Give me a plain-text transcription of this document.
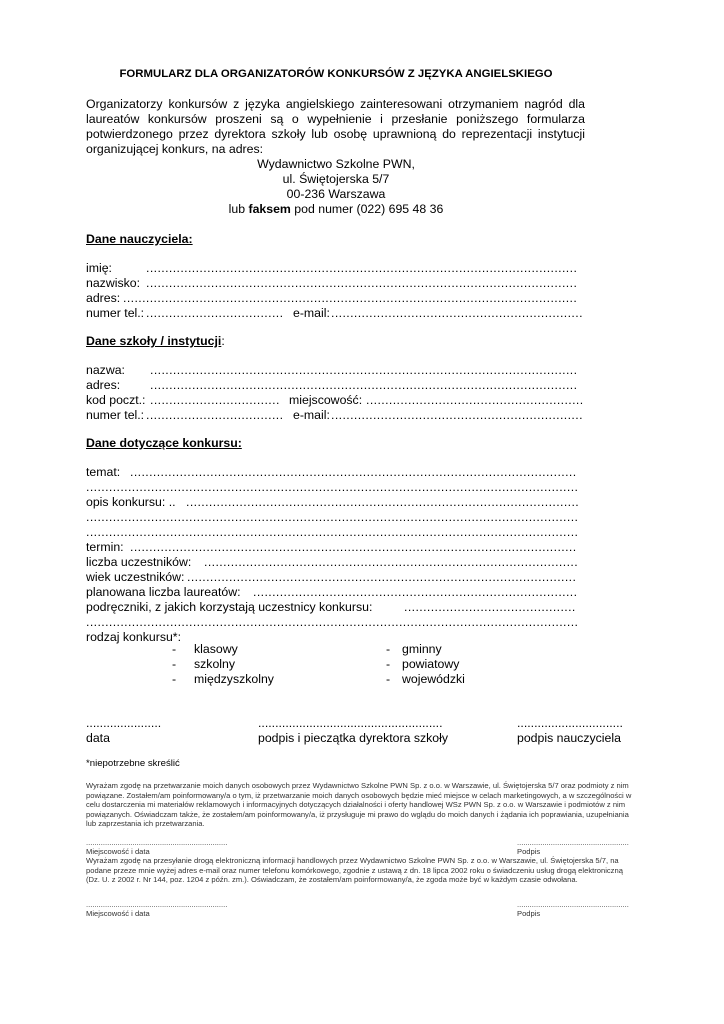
FORMULARZ DLA ORGANIZATORÓW KONKURSÓW Z JĘZYKA ANGIELSKIEGO
Organizatorzy konkursów z języka angielskiego zainteresowani otrzymaniem nagród dla laureatów konkursów proszeni są o wypełnienie i przesłanie poniższego formularza potwierdzonego przez dyrektora szkoły lub osobę uprawnioną do reprezentacji instytucji organizującej konkurs, na adres:
Wydawnictwo Szkolne PWN,
ul. Świętojerska 5/7
00-236 Warszawa
lub faksem pod numer (022) 695 48 36
Dane nauczyciela:
imię:	.................................................................................................................
nazwisko: .................................................................................................................
adres: .......................................................................................................................
numer tel.: .................................... e-mail: ..................................................................
Dane szkoły / instytucji:
nazwa: ................................................................................................................
adres: ................................................................................................................
kod poczt.: .................................. miejscowość: .........................................................
numer tel.: .................................... e-mail: ..................................................................
Dane dotyczące konkursu:
temat: .....................................................................................................................
.................................................................................................................................
opis konkursu: .. .......................................................................................................
.................................................................................................................................
.................................................................................................................................
termin: .....................................................................................................................
liczba uczestników: ..................................................................................................
wiek uczestników: ......................................................................................................
planowana liczba laureatów: .....................................................................................
podręczniki, z jakich korzystają uczestnicy konkursu:	.............................................
.................................................................................................................................
rodzaj konkursu*:
- klasowy
- szkolny
- międzyszkolny
- gminny
- powiatowy
- wojewódzki
......................
data
......................................................
podpis i pieczątka dyrektora szkoły
...............................
podpis nauczyciela
*niepotrzebne skreślić
Wyrażam zgodę na przetwarzanie moich danych osobowych przez Wydawnictwo Szkolne PWN Sp. z o.o. w Warszawie, ul. Świętojerska 5/7 oraz podmioty z nim powiązane. Zostałem/am poinformowany/a o tym, iż przetwarzanie moich danych osobowych będzie mieć miejsce w celach marketingowych, a w szczególności w celu dostarczenia mi materiałów reklamowych i informacyjnych dotyczących działalności i oferty handlowej WSz PWN Sp. z o.o. w Warszawie i podmiotów z nim powiązanych. Oświadczam także, że zostałem/am poinformowany/a, iż przysługuje mi prawo do wglądu do moich danych i żądania ich poprawiania, uzupełniania lub zaprzestania ich przetwarzania.
...................................................................	.....................................................
Miejscowość i data	Podpis
Wyrażam zgodę na przesyłanie drogą elektroniczną informacji handlowych przez Wydawnictwo Szkolne PWN Sp. z o.o. w Warszawie, ul. Świętojerska 5/7, na podane przeze mnie wyżej adres e-mail oraz numer telefonu komórkowego, zgodnie z ustawą z dn. 18 lipca 2002 roku o świadczeniu usług drogą elektroniczną (Dz. U. z 2002 r. Nr 144, poz. 1204 z późn. zm.). Oświadczam, że zostałem/am poinformowany/a, że zgoda może być w każdym czasie odwołana.
...................................................................	.....................................................
Miejscowość i data	Podpis
